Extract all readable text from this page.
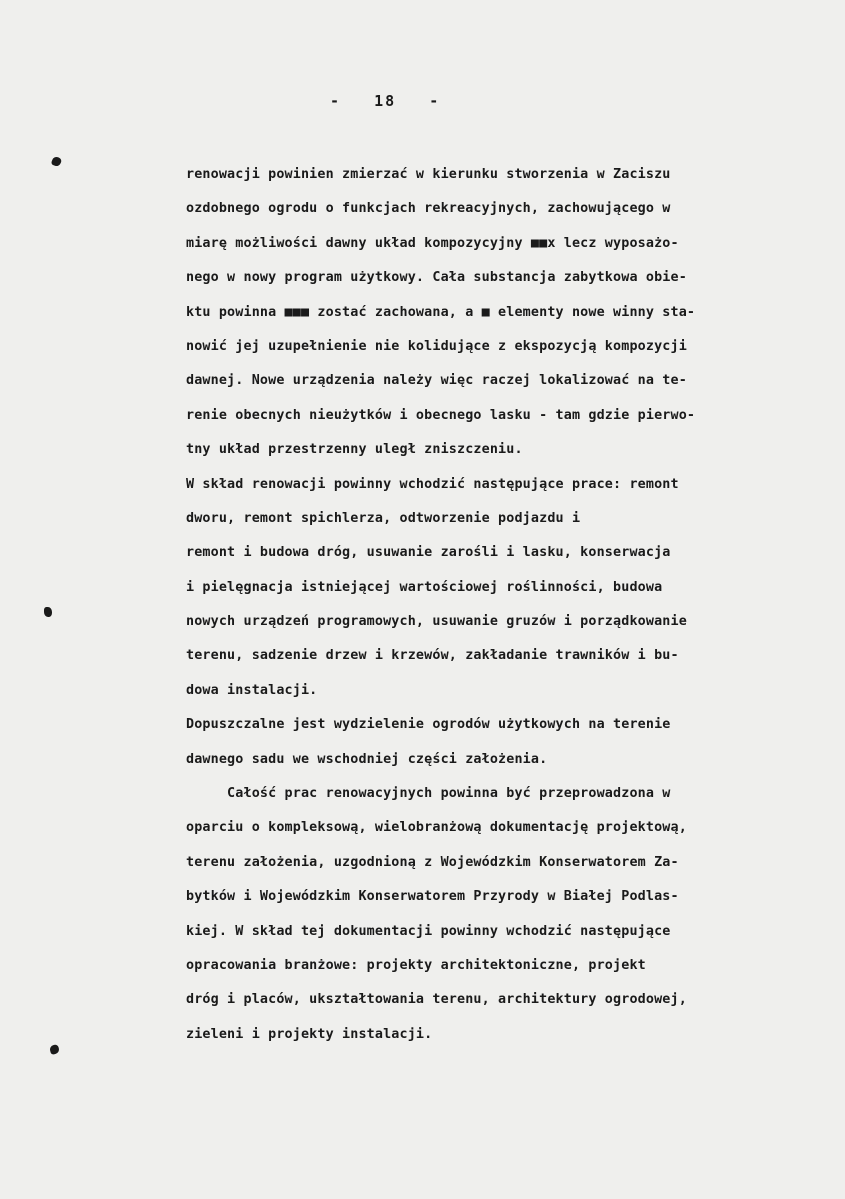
-   18   -
renowacji powinien zmierzać w kierunku stworzenia w Zaciszu
ozdobnego ogrodu o funkcjach rekreacyjnych, zachowującego w
miarę możliwości dawny układ kompozycyjny ■■x lecz wyposażo-
nego w nowy program użytkowy. Cała substancja zabytkowa obie-
ktu powinna ■■■ zostać zachowana, a ■ elementy nowe winny sta-
nowić jej uzupełnienie nie kolidujące z ekspozycją kompozycji
dawnej. Nowe urządzenia należy więc raczej lokalizować na te-
renie obecnych nieużytków i obecnego lasku - tam gdzie pierwo-
tny układ przestrzenny uległ zniszczeniu.
W skład renowacji powinny wchodzić następujące prace: remont
dworu, remont spichlerza, odtworzenie podjazdu i
remont i budowa dróg, usuwanie zarośli i lasku, konserwacja
i pielęgnacja istniejącej wartościowej roślinności, budowa
nowych urządzeń programowych, usuwanie gruzów i porządkowanie
terenu, sadzenie drzew i krzewów, zakładanie trawników i bu-
dowa instalacji.
Dopuszczalne jest wydzielenie ogrodów użytkowych na terenie
dawnego sadu we wschodniej części założenia.
Całość prac renowacyjnych powinna być przeprowadzona w
oparciu o kompleksową, wielobranżową dokumentację projektową,
terenu założenia, uzgodnioną z Wojewódzkim Konserwatorem Za-
bytków i Wojewódzkim Konserwatorem Przyrody w Białej Podlas-
kiej. W skład tej dokumentacji powinny wchodzić następujące
opracowania branżowe: projekty architektoniczne, projekt
dróg i placów, ukształtowania terenu, architektury ogrodowej,
zieleni i projekty instalacji.
